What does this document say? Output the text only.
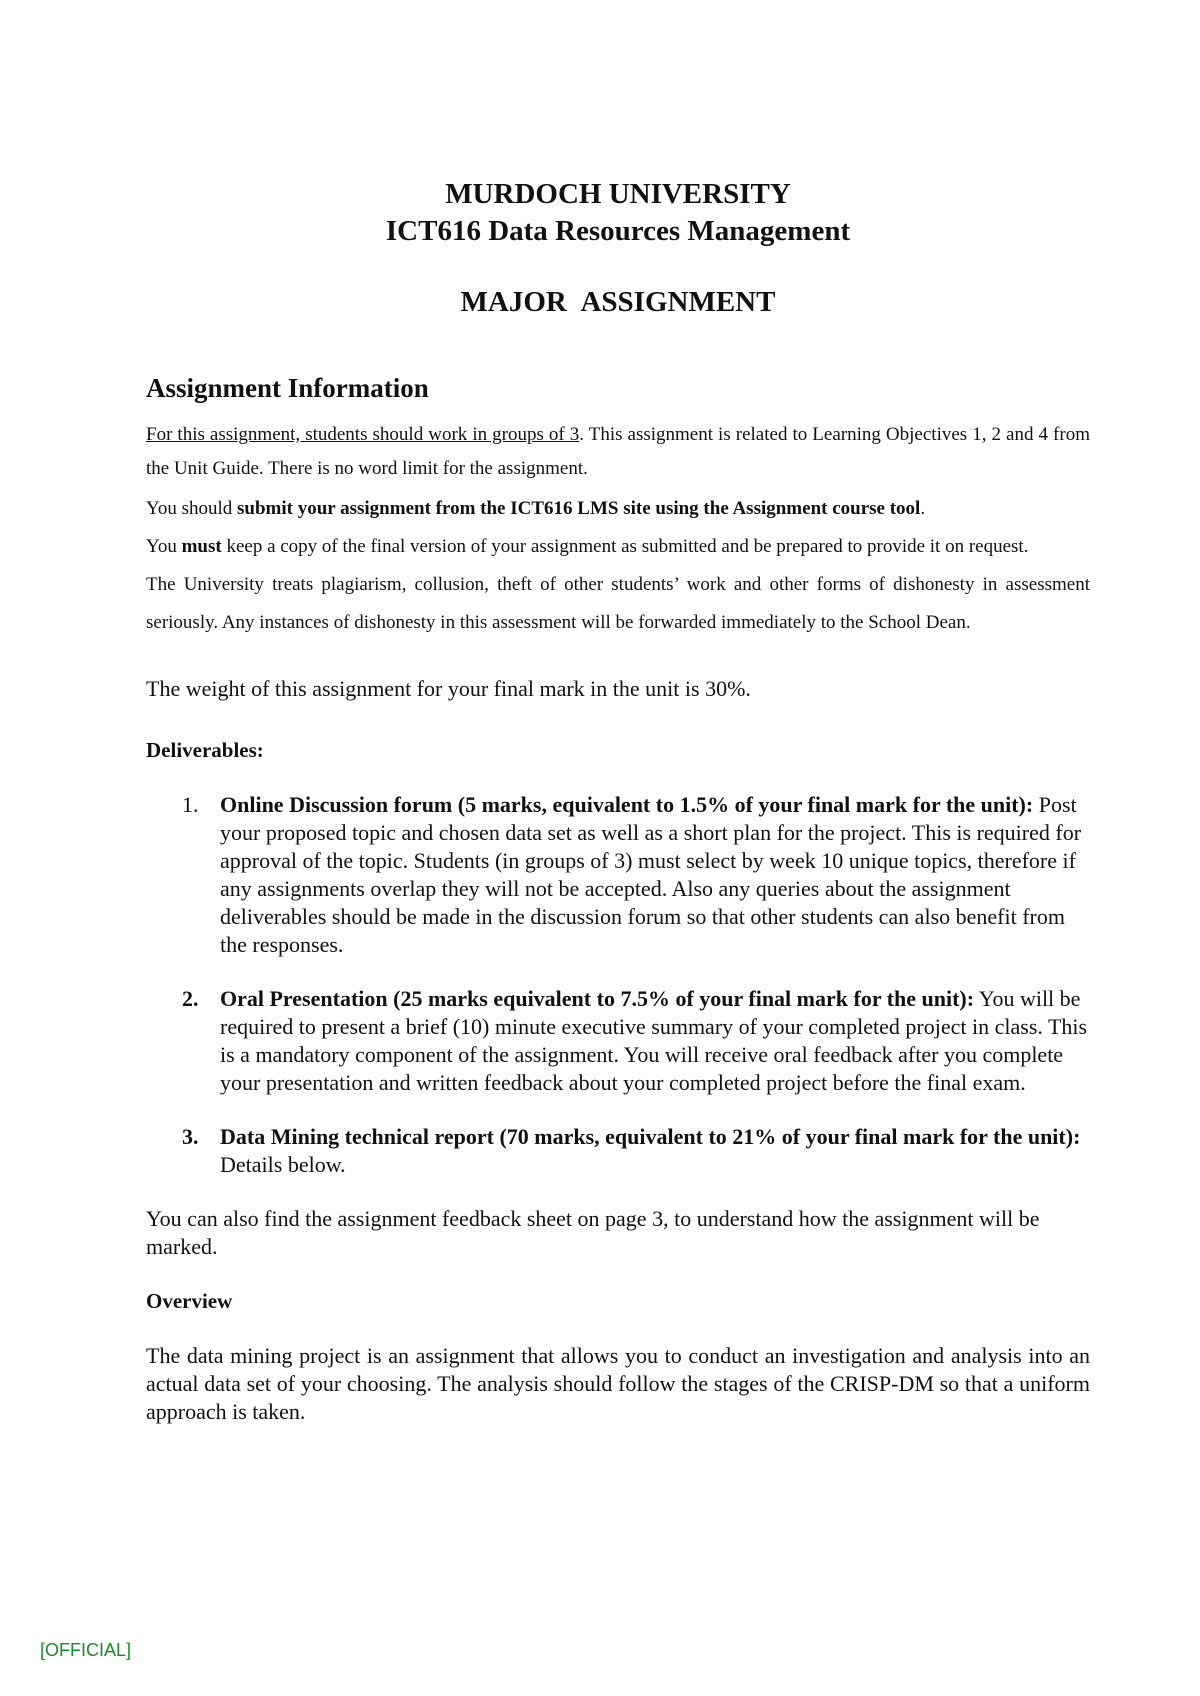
MURDOCH UNIVERSITY

ICT616 Data Resources Management

MAJOR ASSIGNMENT

Assignment Information

For this assignment, students should work in groups of 3. This assignment is related to Learning Objectives 1, 2 and 4 from the Unit Guide. There is no word limit for the assignment.

You should submit your assignment from the ICT616 LMS site using the Assignment course tool.

You must keep a copy of the final version of your assignment as submitted and be prepared to provide it on request.

The University treats plagiarism, collusion, theft of other students’ work and other forms of dishonesty in assessment seriously. Any instances of dishonesty in this assessment will be forwarded immediately to the School Dean.

The weight of this assignment for your final mark in the unit is 30%.

Deliverables:

1. Online Discussion forum (5 marks, equivalent to 1.5% of your final mark for the unit): Post your proposed topic and chosen data set as well as a short plan for the project. This is required for approval of the topic. Students (in groups of 3) must select by week 10 unique topics, therefore if any assignments overlap they will not be accepted. Also any queries about the assignment deliverables should be made in the discussion forum so that other students can also benefit from the responses.
2. Oral Presentation (25 marks equivalent to 7.5% of your final mark for the unit): You will be required to present a brief (10) minute executive summary of your completed project in class. This is a mandatory component of the assignment. You will receive oral feedback after you complete your presentation and written feedback about your completed project before the final exam.
3. Data Mining technical report (70 marks, equivalent to 21% of your final mark for the unit): Details below.

You can also find the assignment feedback sheet on page 3, to understand how the assignment will be marked.

Overview

The data mining project is an assignment that allows you to conduct an investigation and analysis into an actual data set of your choosing. The analysis should follow the stages of the CRISP-DM so that a uniform approach is taken.

[OFFICIAL]
